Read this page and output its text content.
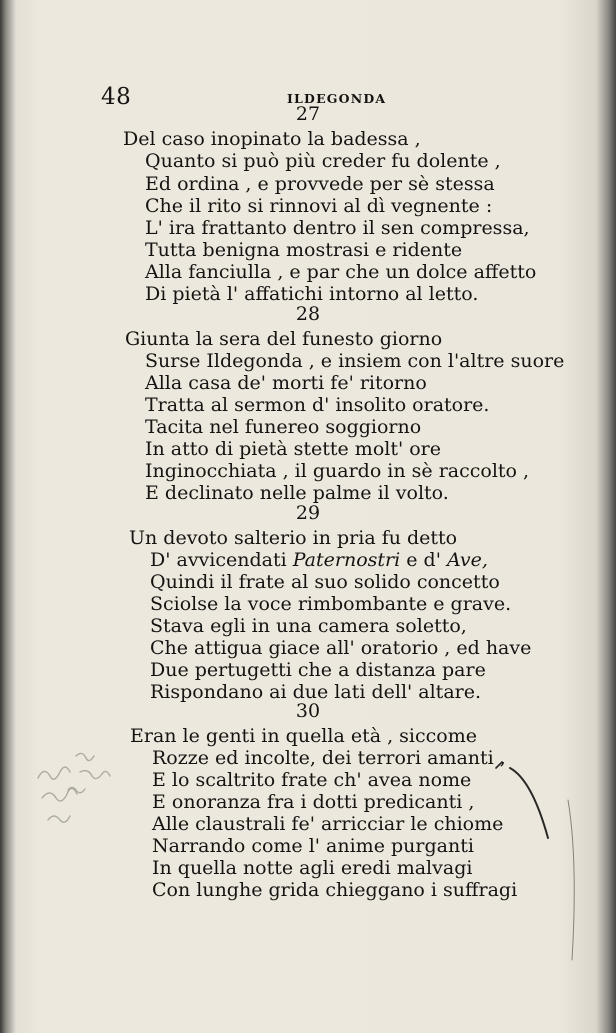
48	ILDEGONDA
27
Del caso inopinato la badessa ,
Quanto si può più creder fu dolente ,
Ed ordina , e provvede per sè stessa
Che il rito si rinnovi al dì vegnente :
L' ira frattanto dentro il sen compressa,
Tutta benigna mostrasi e ridente
Alla fanciulla , e par che un dolce affetto
Di pietà l' affatichi intorno al letto.
28
Giunta la sera del funesto giorno
Surse Ildegonda , e insiem con l'altre suore
Alla casa de' morti fe' ritorno
Tratta al sermon d' insolito oratore.
Tacita nel funereo soggiorno
In atto di pietà stette molt' ore
Inginocchiata , il guardo in sè raccolto ,
E declinato nelle palme il volto.
29
Un devoto salterio in pria fu detto
D' avvicendati Paternostri e d' Ave,
Quindi il frate al suo solido concetto
Sciolse la voce rimbombante e grave.
Stava egli in una camera soletto,
Che attigua giace all' oratorio , ed have
Due pertugetti che a distanza pare
Rispondano ai due lati dell' altare.
30
Eran le genti in quella età , siccome
Rozze ed incolte, dei terrori amanti ,
E lo scaltrito frate ch' avea nome
E onoranza fra i dotti predicanti ,
Alle claustrali fe' arricciar le chiome
Narrando come l' anime purganti
In quella notte agli eredi malvagi
Con lunghe grida chieggano i suffragi
